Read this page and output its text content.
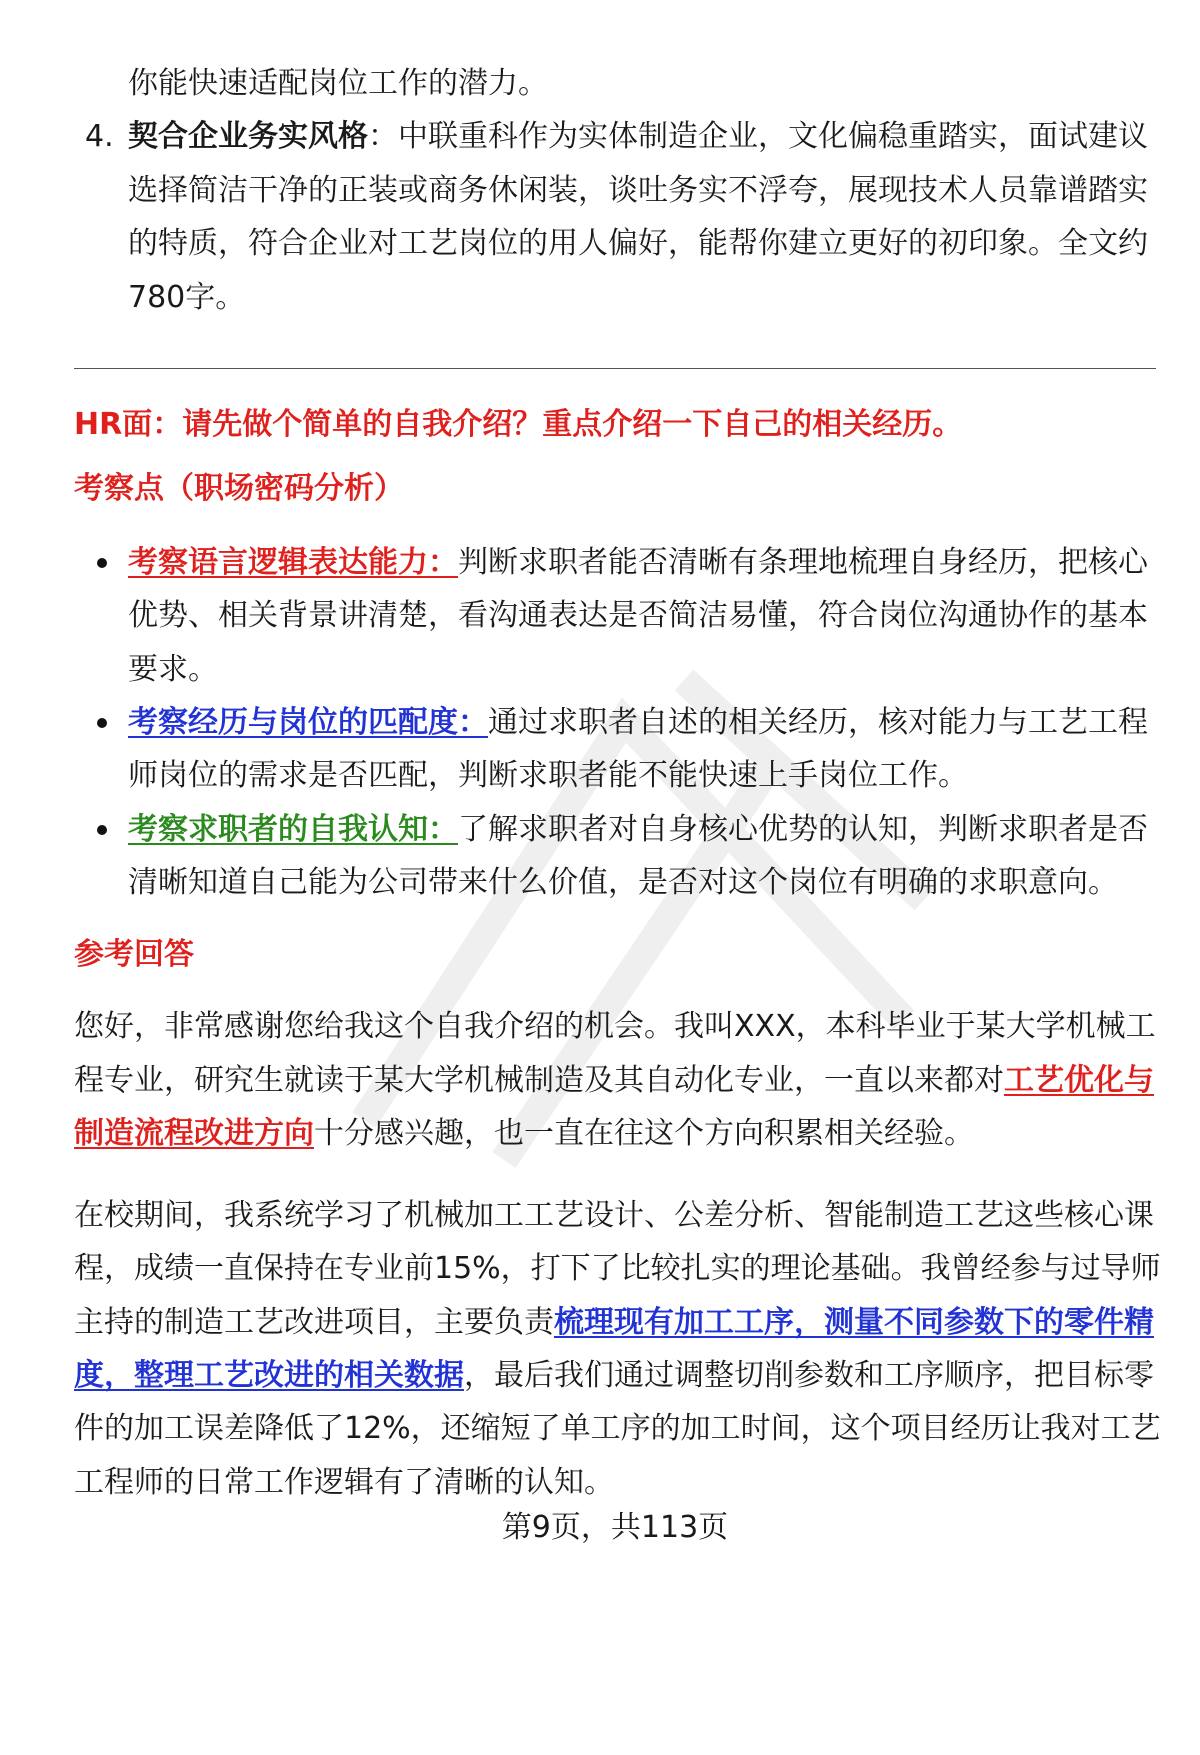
你能快速适配岗位工作的潜力。
4. 契合企业务实风格：中联重科作为实体制造企业，文化偏稳重踏实，面试建议
选择简洁干净的正装或商务休闲装，谈吐务实不浮夸，展现技术人员靠谱踏实
的特质，符合企业对工艺岗位的用人偏好，能帮你建立更好的初印象。全文约
780字。
HR面：请先做个简单的自我介绍？重点介绍一下自己的相关经历。
考察点（职场密码分析）
考察语言逻辑表达能力：判断求职者能否清晰有条理地梳理自身经历，把核心
优势、相关背景讲清楚，看沟通表达是否简洁易懂，符合岗位沟通协作的基本
要求。
考察经历与岗位的匹配度：通过求职者自述的相关经历，核对能力与工艺工程
师岗位的需求是否匹配，判断求职者能不能快速上手岗位工作。
考察求职者的自我认知：了解求职者对自身核心优势的认知，判断求职者是否
清晰知道自己能为公司带来什么价值，是否对这个岗位有明确的求职意向。
参考回答
您好，非常感谢您给我这个自我介绍的机会。我叫XXX，本科毕业于某大学机械工
程专业，研究生就读于某大学机械制造及其自动化专业，一直以来都对工艺优化与
制造流程改进方向十分感兴趣，也一直在往这个方向积累相关经验。
在校期间，我系统学习了机械加工工艺设计、公差分析、智能制造工艺这些核心课
程，成绩一直保持在专业前15%，打下了比较扎实的理论基础。我曾经参与过导师
主持的制造工艺改进项目，主要负责梳理现有加工工序，测量不同参数下的零件精
度，整理工艺改进的相关数据，最后我们通过调整切削参数和工序顺序，把目标零
件的加工误差降低了12%，还缩短了单工序的加工时间，这个项目经历让我对工艺
工程师的日常工作逻辑有了清晰的认知。
第9页，共113页
